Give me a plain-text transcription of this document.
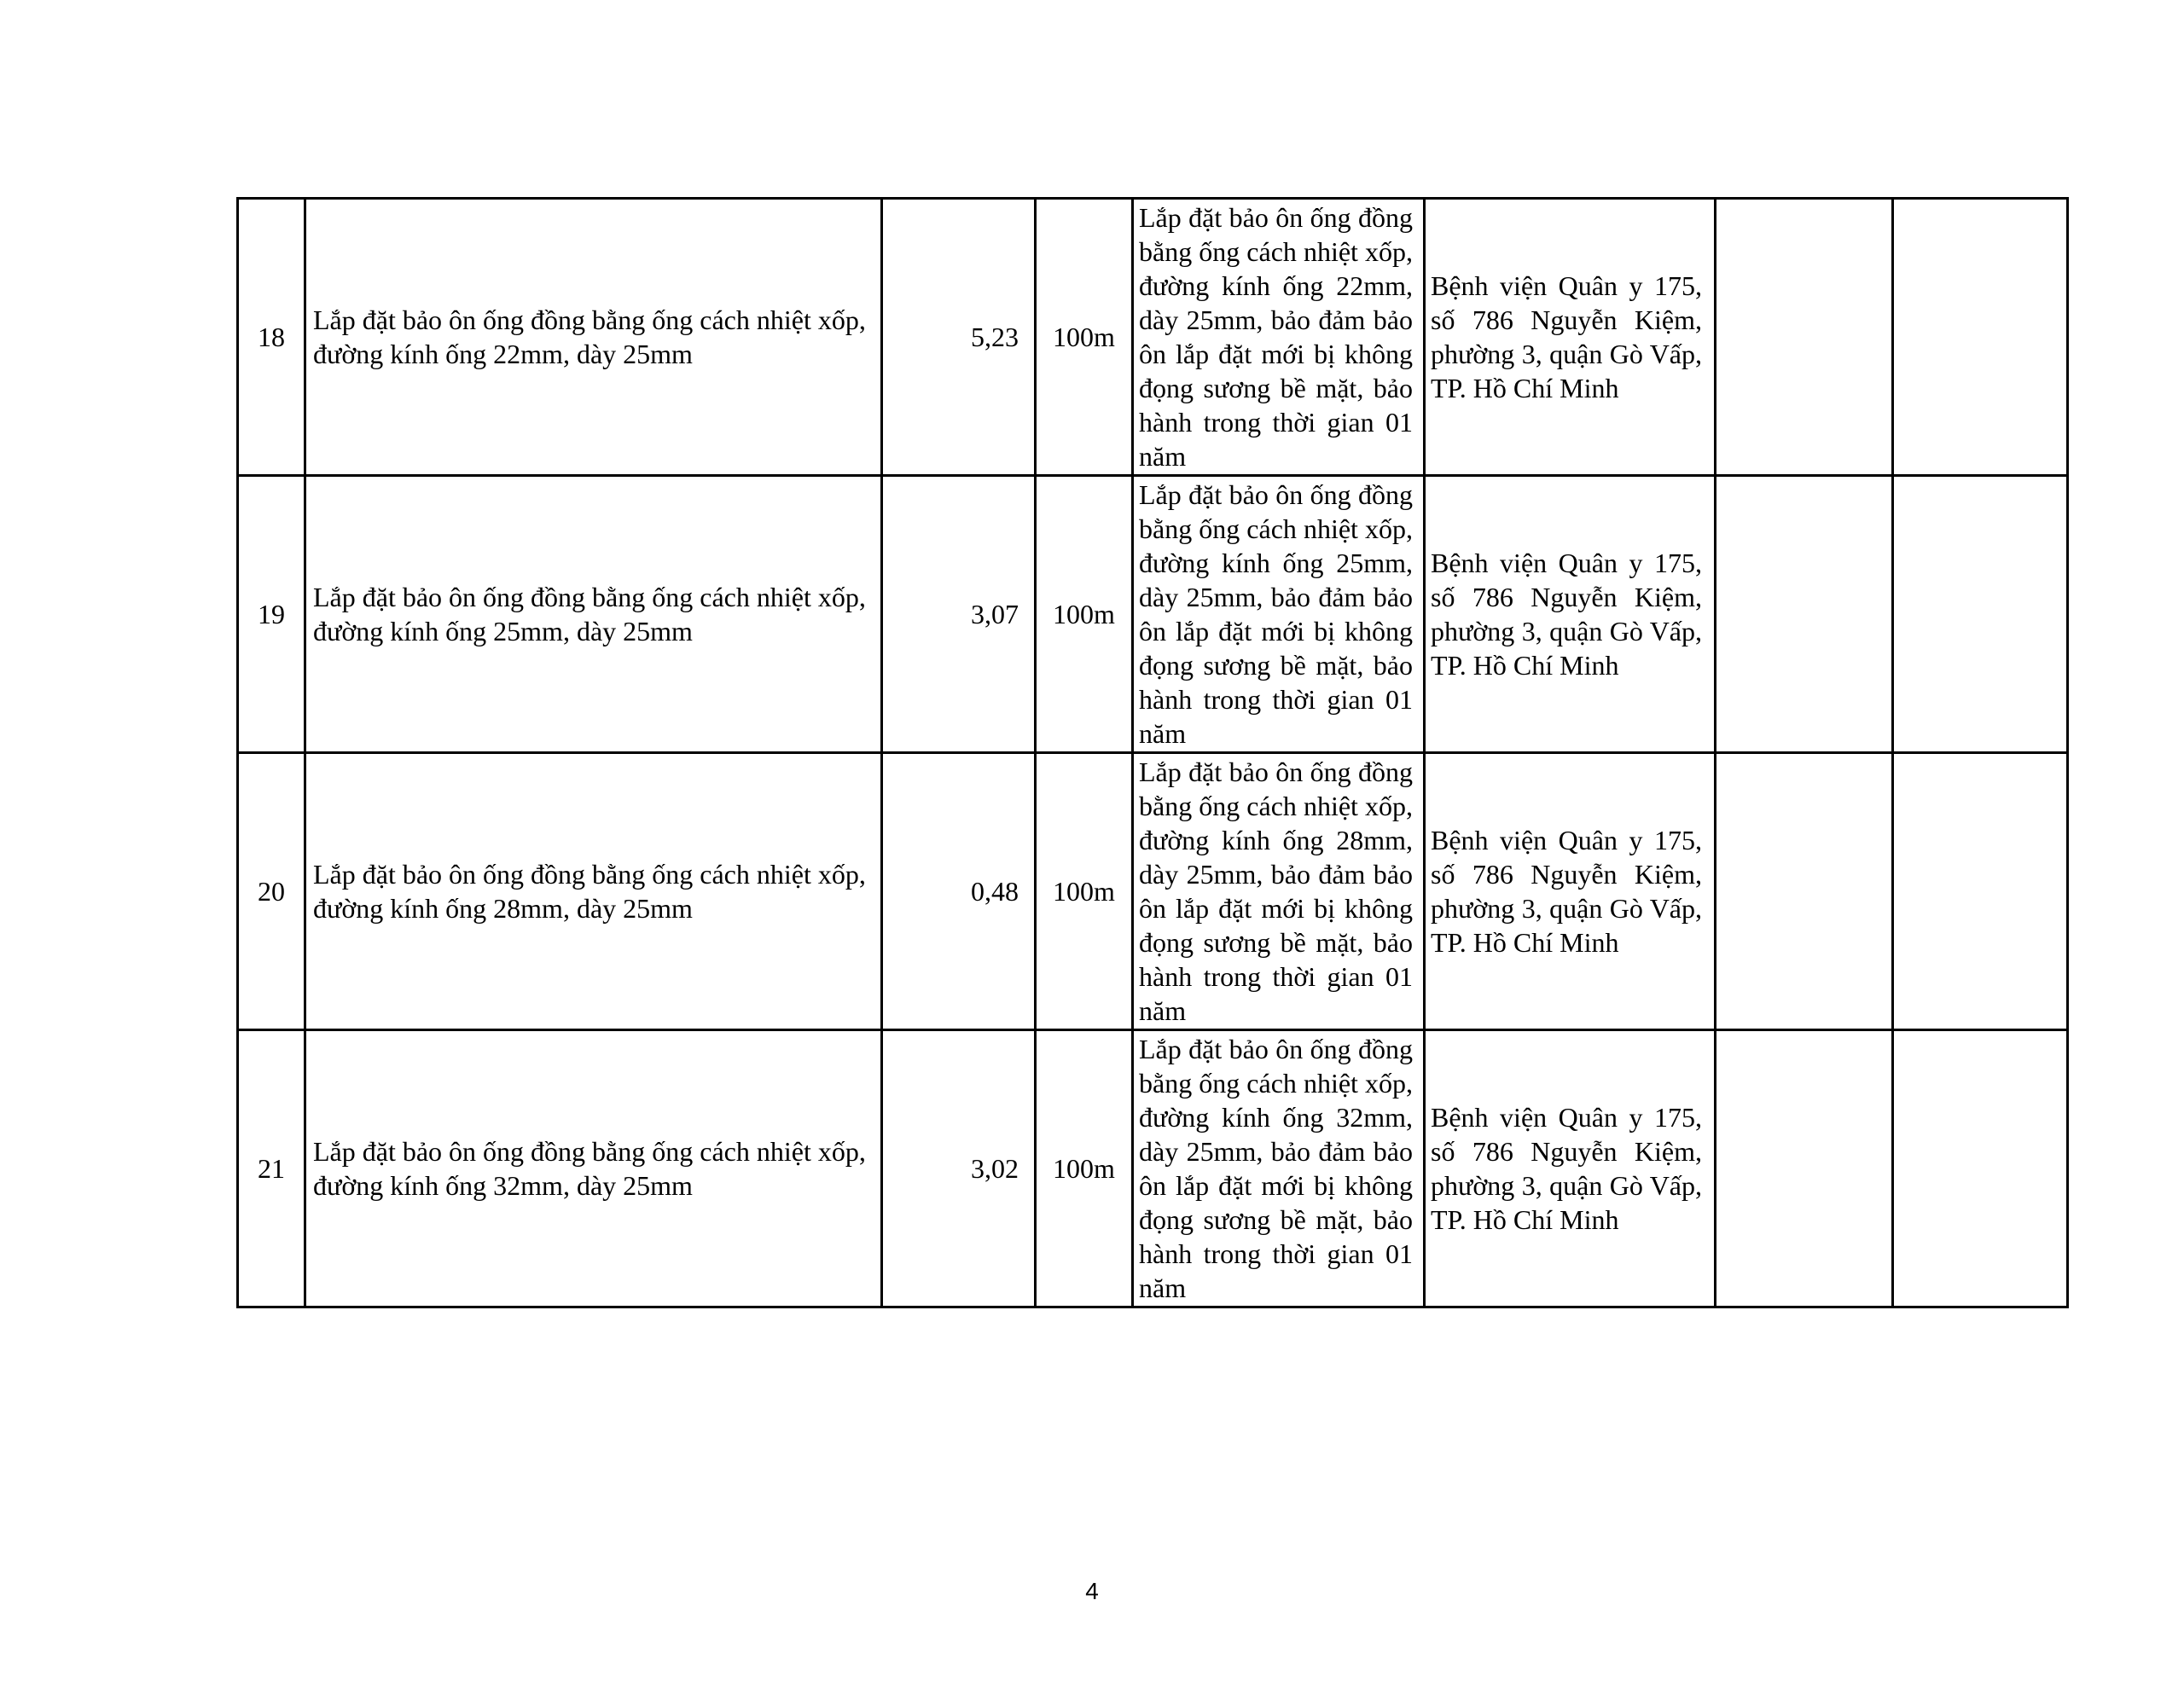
18	Lắp đặt bảo ôn ống đồng bằng ống cách nhiệt xốp, đường kính ống 22mm, dày 25mm	5,23	100m	Lắp đặt bảo ôn ống đồng bằng ống cách nhiệt xốp, đường kính ống 22mm, dày 25mm, bảo đảm bảo ôn lắp đặt mới bị không đọng sương bề mặt, bảo hành trong thời gian 01 năm	Bệnh viện Quân y 175, số 786 Nguyễn Kiệm, phường 3, quận Gò Vấp, TP. Hồ Chí Minh		
19	Lắp đặt bảo ôn ống đồng bằng ống cách nhiệt xốp, đường kính ống 25mm, dày 25mm	3,07	100m	Lắp đặt bảo ôn ống đồng bằng ống cách nhiệt xốp, đường kính ống 25mm, dày 25mm, bảo đảm bảo ôn lắp đặt mới bị không đọng sương bề mặt, bảo hành trong thời gian 01 năm	Bệnh viện Quân y 175, số 786 Nguyễn Kiệm, phường 3, quận Gò Vấp, TP. Hồ Chí Minh		
20	Lắp đặt bảo ôn ống đồng bằng ống cách nhiệt xốp, đường kính ống 28mm, dày 25mm	0,48	100m	Lắp đặt bảo ôn ống đồng bằng ống cách nhiệt xốp, đường kính ống 28mm, dày 25mm, bảo đảm bảo ôn lắp đặt mới bị không đọng sương bề mặt, bảo hành trong thời gian 01 năm	Bệnh viện Quân y 175, số 786 Nguyễn Kiệm, phường 3, quận Gò Vấp, TP. Hồ Chí Minh		
21	Lắp đặt bảo ôn ống đồng bằng ống cách nhiệt xốp, đường kính ống 32mm, dày 25mm	3,02	100m	Lắp đặt bảo ôn ống đồng bằng ống cách nhiệt xốp, đường kính ống 32mm, dày 25mm, bảo đảm bảo ôn lắp đặt mới bị không đọng sương bề mặt, bảo hành trong thời gian 01 năm	Bệnh viện Quân y 175, số 786 Nguyễn Kiệm, phường 3, quận Gò Vấp, TP. Hồ Chí Minh		
4
